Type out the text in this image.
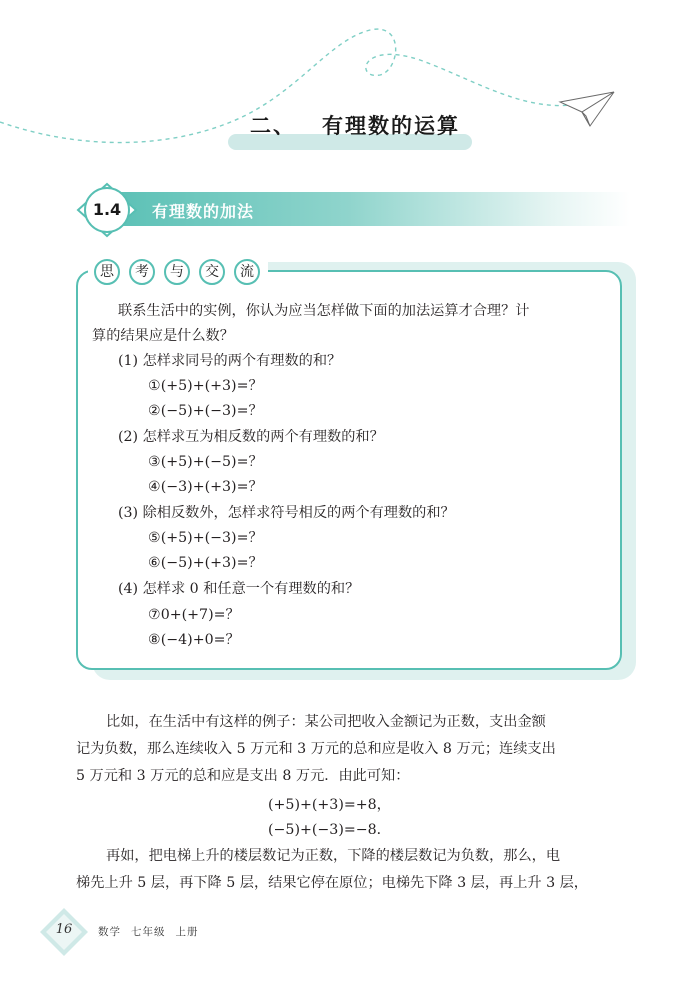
二、 有理数的运算
1.4	有理数的加法
思	考	与	交	流
联系生活中的实例，你认为应当怎样做下面的加法运算才合理？计
算的结果应是什么数？
(1) 怎样求同号的两个有理数的和？
①(+5)+(+3)=？
②(−5)+(−3)=？
(2) 怎样求互为相反数的两个有理数的和？
③(+5)+(−5)=？
④(−3)+(+3)=？
(3) 除相反数外，怎样求符号相反的两个有理数的和？
⑤(+5)+(−3)=？
⑥(−5)+(+3)=？
(4) 怎样求 0 和任意一个有理数的和？
⑦0+(+7)=？
⑧(−4)+0=？
比如，在生活中有这样的例子：某公司把收入金额记为正数，支出金额
记为负数，那么连续收入 5 万元和 3 万元的总和应是收入 8 万元；连续支出
5 万元和 3 万元的总和应是支出 8 万元．由此可知：
(+5)+(+3)=+8，
(−5)+(−3)=−8．
再如，把电梯上升的楼层数记为正数，下降的楼层数记为负数，那么，电
梯先上升 5 层，再下降 5 层，结果它停在原位；电梯先下降 3 层，再上升 3 层，
16	数学 七年级 上册
